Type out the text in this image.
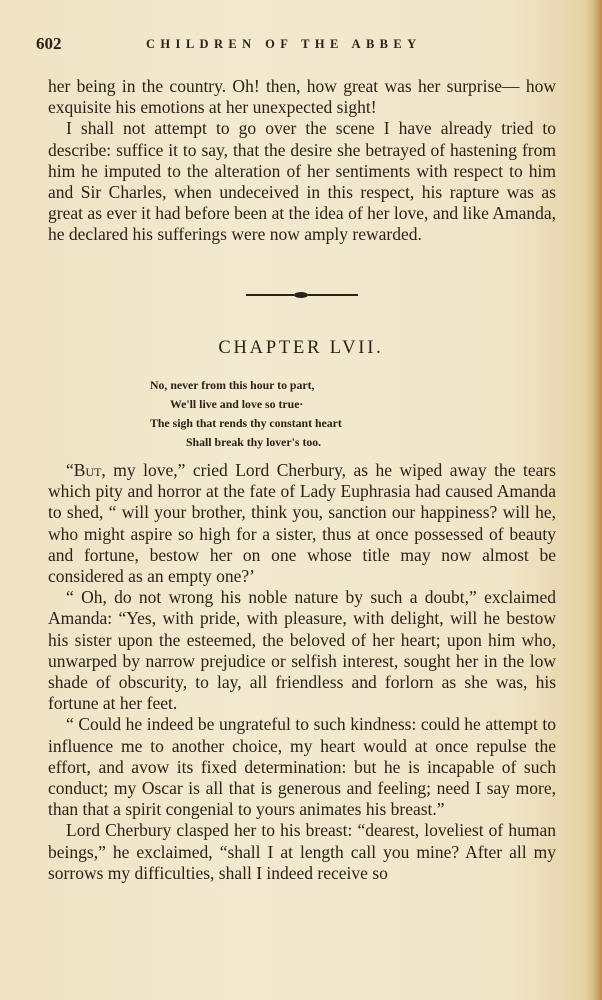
602	CHILDREN OF THE ABBEY

her being in the country. Oh! then, how great was her surprise— how exquisite his emotions at her unexpected sight!

I shall not attempt to go over the scene I have already tried to describe: suffice it to say, that the desire she betrayed of hastening from him he imputed to the alteration of her sentiments with respect to him and Sir Charles, when undeceived in this respect, his rapture was as great as ever it had before been at the idea of her love, and like Amanda, he declared his sufferings were now amply rewarded.

CHAPTER LVII.
No, never from this hour to part,
We'll live and love so true·
The sigh that rends thy constant heart
Shall break thy lover's too.

“But, my love,” cried Lord Cherbury, as he wiped away the tears which pity and horror at the fate of Lady Euphrasia had caused Amanda to shed, “ will your brother, think you, sanction our happiness? will he, who might aspire so high for a sister, thus at once possessed of beauty and fortune, bestow her on one whose title may now almost be considered as an empty one?’

“ Oh, do not wrong his noble nature by such a doubt,” exclaimed Amanda: “Yes, with pride, with pleasure, with delight, will he bestow his sister upon the esteemed, the beloved of her heart; upon him who, unwarped by narrow prejudice or selfish interest, sought her in the low shade of obscurity, to lay, all friendless and forlorn as she was, his fortune at her feet.

“ Could he indeed be ungrateful to such kindness: could he attempt to influence me to another choice, my heart would at once repulse the effort, and avow its fixed determination: but he is incapable of such conduct; my Oscar is all that is generous and feeling; need I say more, than that a spirit congenial to yours animates his breast.”

Lord Cherbury clasped her to his breast: “dearest, loveliest of human beings,” he exclaimed, “shall I at length call you mine? After all my sorrows my difficulties, shall I indeed receive so
